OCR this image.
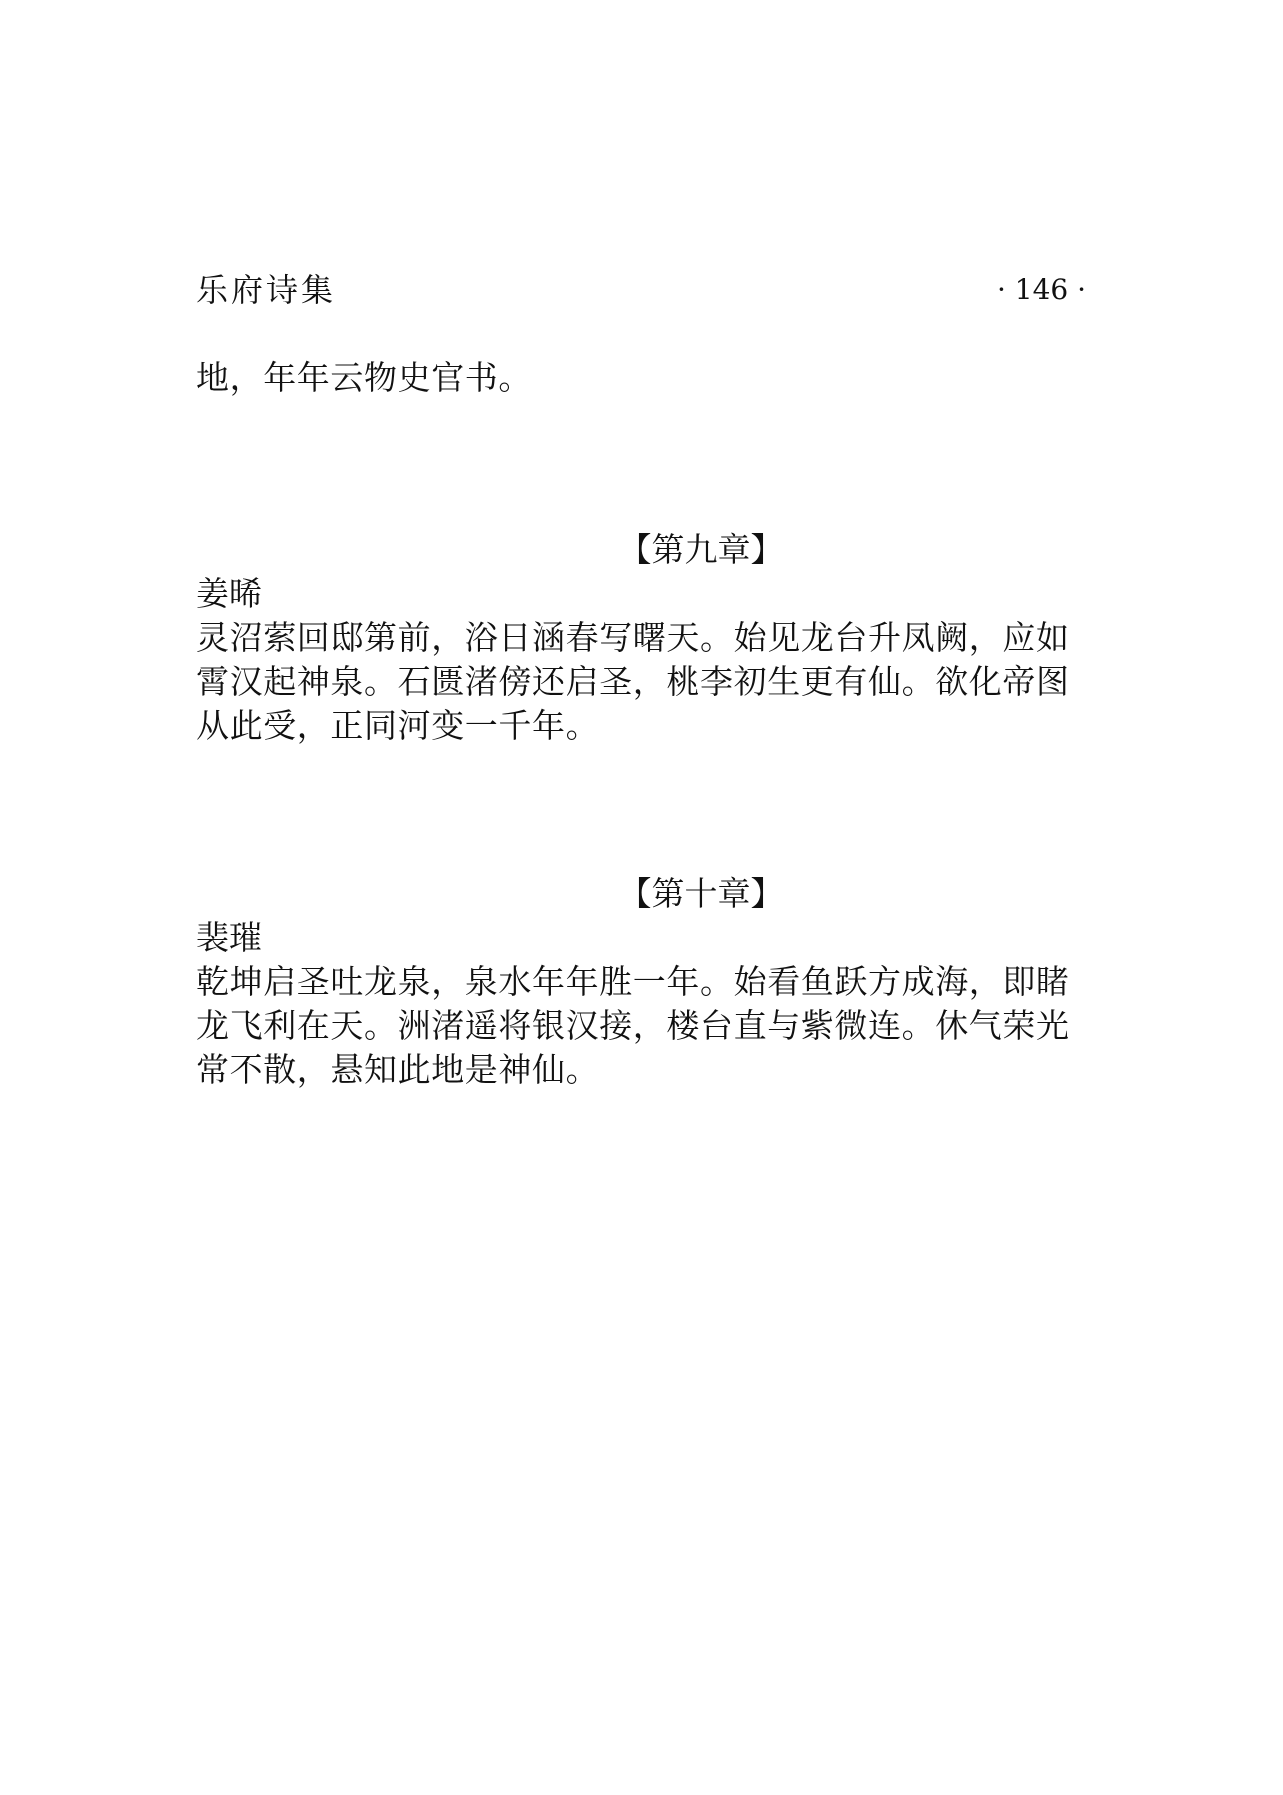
乐府诗集	· 146 ·
地，年年云物史官书。
【第九章】
姜晞
灵沼萦回邸第前，浴日涵春写曙天。始见龙台升凤阙，应如霄汉起神泉。石匮渚傍还启圣，桃李初生更有仙。欲化帝图从此受，正同河变一千年。
【第十章】
裴璀
乾坤启圣吐龙泉，泉水年年胜一年。始看鱼跃方成海，即睹龙飞利在天。洲渚遥将银汉接，楼台直与紫微连。休气荣光常不散，悬知此地是神仙。
